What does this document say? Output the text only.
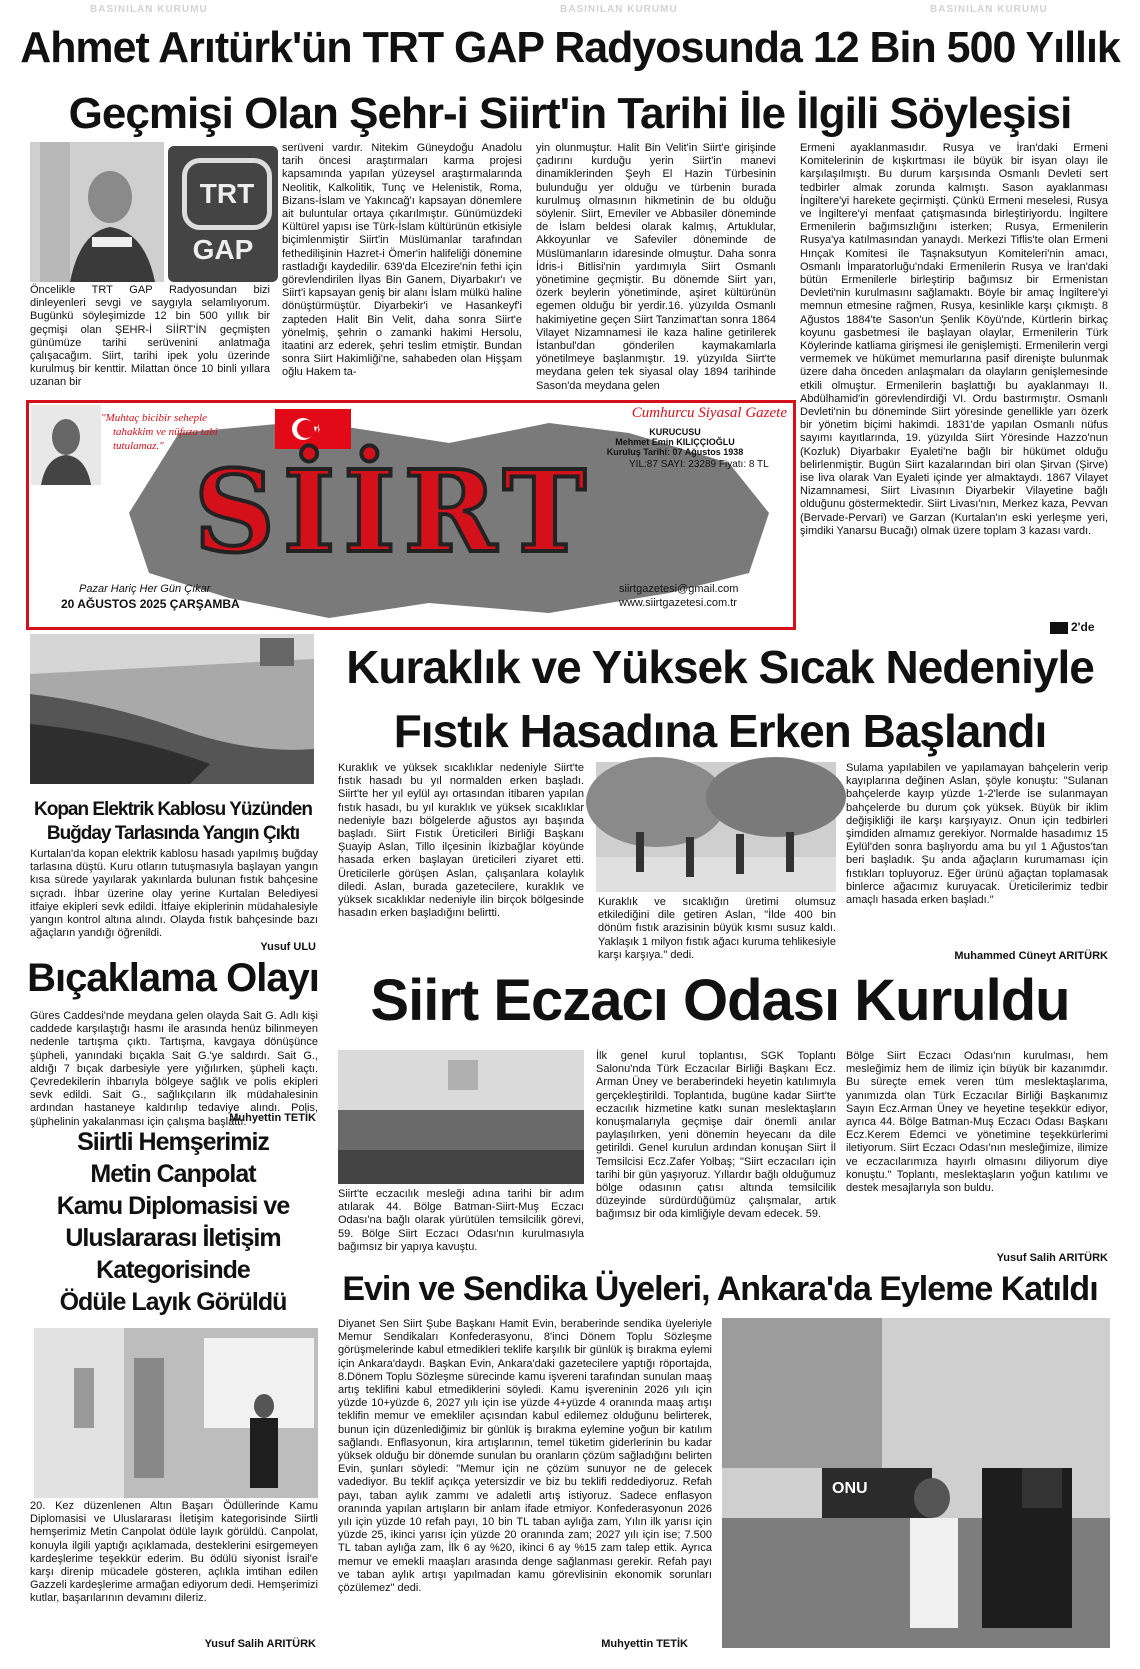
BASINILAN KURUMU	BASINILAN KURUMU	BASINILAN KURUMU
Ahmet Arıtürk'ün TRT GAP Radyosunda 12 Bin 500 Yıllık
Geçmişi Olan Şehr-i Siirt'in Tarihi İle İlgili Söyleşisi
TRT
GAP
Öncelikle TRT GAP Radyosundan bizi dinleyenleri sevgi ve saygıyla selamlıyorum. Bugünkü söyleşimizde 12 bin 500 yıllık bir geçmişi olan ŞEHR-İ SİİRT'İN geçmişten günümüze tarihi serüvenini anlatmağa çalışacağım. Siirt, tarihi ipek yolu üzerinde kurulmuş bir kenttir. Milattan önce 10 binli yıllara uzanan bir
serüveni vardır. Nitekim Güneydoğu Anadolu tarih öncesi araştırmaları karma projesi kapsamında yapılan yüzeysel araştırmalarında Neolitik, Kalkolitik, Tunç ve Helenistik, Roma, Bizans-İslam ve Yakıncağ'ı kapsayan dönemlere ait buluntular ortaya çıkarılmıştır. Günümüzdeki Kültürel yapısı ise Türk-İslam kültürünün etkisiyle biçimlenmiştir Siirt'in Müslümanlar tarafından fethedilişinin Hazret-i Ömer'in halifeliği dönemine rastladığı kaydedilir. 639'da Elcezire'nin fethi için görevlendirilen İlyas Bin Ganem, Diyarbakır'ı ve Siirt'i kapsayan geniş bir alanı İslam mülkü haline dönüştürmüştür. Diyarbekir'i ve Hasankeyf'i zapteden Halit Bin Velit, daha sonra Siirt'e yönelmiş, şehrin o zamanki hakimi Hersolu, itaatini arz ederek, şehri teslim etmiştir. Bundan sonra Siirt Hakimliği'ne, sahabeden olan Hişşam oğlu Hakem ta-
yin olunmuştur. Halit Bin Velit'in Siirt'e girişinde çadırını kurduğu yerin Siirt'in manevi dinamiklerinden Şeyh El Hazin Türbesinin bulunduğu yer olduğu ve türbenin burada kurulmuş olmasının hikmetinin de bu olduğu söylenir. Siirt, Emeviler ve Abbasiler döneminde de İslam beldesi olarak kalmış, Artuklular, Akkoyunlar ve Safeviler döneminde de Müslümanların idaresinde olmuştur. Daha sonra İdris-i Bitlisi'nin yardımıyla Siirt Osmanlı yönetimine geçmiştir. Bu dönemde Siirt yarı, özerk beylerin yönetiminde, aşiret kültürünün egemen olduğu bir yerdir.16. yüzyılda Osmanlı hakimiyetine geçen Siirt Tanzimat'tan sonra 1864 Vilayet Nizamnamesi ile kaza haline getirilerek İstanbul'dan gönderilen kaymakamlarla yönetilmeye başlanmıştır. 19. yüzyılda Siirt'te meydana gelen tek siyasal olay 1894 tarihinde Sason'da meydana gelen
Ermeni ayaklanmasıdır. Rusya ve İran'daki Ermeni Komitelerinin de kışkırtması ile büyük bir isyan olayı ile karşılaşılmıştı. Bu durum karşısında Osmanlı Devleti sert tedbirler almak zorunda kalmıştı. Sason ayaklanması İngiltere'yi harekete geçirmişti. Çünkü Ermeni meselesi, Rusya ve İngiltere'yi menfaat çatışmasında birleştiriyordu. İngiltere Ermenilerin bağımsızlığını isterken; Rusya, Ermenilerin Rusya'ya katılmasından yanaydı. Merkezi Tiflis'te olan Ermeni Hınçak Komitesi ile Taşnaksutyun Komiteleri'nin amacı, Osmanlı İmparatorluğu'ndaki Ermenilerin Rusya ve İran'daki bütün Ermenilerle birleştirip bağımsız bir Ermenistan Devleti'nin kurulmasını sağlamaktı. Böyle bir amaç İngiltere'yi memnun etmesine rağmen, Rusya, kesinlikle karşı çıkmıştı. 8 Ağustos 1884'te Sason'un Şenlik Köyü'nde, Kürtlerin birkaç koyunu gasbetmesi ile başlayan olaylar, Ermenilerin Türk Köylerinde katliama girişmesi ile genişlemişti. Ermenilerin vergi vermemek ve hükümet memurlarına pasif direnişte bulunmak üzere daha önceden anlaşmaları da olayların genişlemesinde etkili olmuştur. Ermenilerin başlattığı bu ayaklanmayı II. Abdülhamid'in görevlendirdiği VI. Ordu bastırmıştır. Osmanlı Devleti'nin bu döneminde Siirt yöresinde genellikle yarı özerk bir yönetim biçimi hakimdi. 1831'de yapılan Osmanlı nüfus sayımı kayıtlarında, 19. yüzyılda Siirt Yöresinde Hazzo'nun (Kozluk) Diyarbakır Eyaleti'ne bağlı bir hükümet olduğu belirlenmiştir. Bugün Siirt kazalarından biri olan Şirvan (Şirve) ise liva olarak Van Eyaleti içinde yer almaktaydı. 1867 Vilayet Nizamnamesi, Siirt Livasının Diyarbekir Vilayetine bağlı olduğunu göstermektedir. Siirt Livası'nın, Merkez kaza, Pevvan (Bervade-Pervari) ve Garzan (Kurtalan'ın eski yerleşme yeri, şimdiki Yanarsu Bucağı) olmak üzere toplam 3 kazası vardı.
"Muhtaç bicibir seheple
tahakkim ve nüfuza tabi tutulamaz."
SİİRT
Cumhurcu Siyasal Gazete
KURUCUSU
Mehmet Emin KILIÇÇIOĞLU
Kuruluş Tarihi: 07 Ağustos 1938
YIL:87 SAYI: 23289 Fiyatı: 8 TL
Pazar Hariç Her Gün Çıkar
20 AĞUSTOS 2025 ÇARŞAMBA
siirtgazetesi@gmail.com
www.siirtgazetesi.com.tr
2'de
Kopan Elektrik Kablosu Yüzünden
Buğday Tarlasında Yangın Çıktı
Kurtalan'da kopan elektrik kablosu hasadı yapılmış buğday tarlasına düştü. Kuru otların tutuşmasıyla başlayan yangın kısa sürede yayılarak yakınlarda bulunan fıstık bahçesine sıçradı. İhbar üzerine olay yerine Kurtalan Belediyesi itfaiye ekipleri sevk edildi. İtfaiye ekiplerinin müdahalesiyle yangın kontrol altına alındı. Olayda fıstık bahçesinde bazı ağaçların yandığı öğrenildi.
Yusuf ULU
Bıçaklama Olayı
Güres Caddesi'nde meydana gelen olayda Sait G. Adlı kişi caddede karşılaştığı hasmı ile arasında henüz bilinmeyen nedenle tartışma çıktı. Tartışma, kavgaya dönüşünce şüpheli, yanındaki bıçakla Sait G.'ye saldırdı. Sait G., aldığı 7 bıçak darbesiyle yere yığılırken, şüpheli kaçtı. Çevredekilerin ihbarıyla bölgeye sağlık ve polis ekipleri sevk edildi. Sait G., sağlıkçıların ilk müdahalesinin ardından hastaneye kaldırılıp tedaviye alındı. Polis, şüphelinin yakalanması için çalışma başlattı.
Muhyettin TETİK
Siirtli Hemşerimiz
Metin Canpolat
Kamu Diplomasisi ve
Uluslararası İletişim
Kategorisinde
Ödüle Layık Görüldü
20. Kez düzenlenen Altın Başarı Ödüllerinde Kamu Diplomasisi ve Uluslararası İletişim kategorisinde Siirtli hemşerimiz Metin Canpolat ödüle layık görüldü. Canpolat, konuyla ilgili yaptığı açıklamada, desteklerini esirgemeyen kardeşlerime teşekkür ederim. Bu ödülü siyonist İsrail'e karşı direnip mücadele gösteren, açlıkla imtihan edilen Gazzeli kardeşlerime armağan ediyorum dedi. Hemşerimizi kutlar, başarılarının devamını dileriz.
Yusuf Salih ARITÜRK
Kuraklık ve Yüksek Sıcak Nedeniyle
Fıstık Hasadına Erken Başlandı
Kuraklık ve yüksek sıcaklıklar nedeniyle Siirt'te fıstık hasadı bu yıl normalden erken başladı. Siirt'te her yıl eylül ayı ortasından itibaren yapılan fıstık hasadı, bu yıl kuraklık ve yüksek sıcaklıklar nedeniyle bazı bölgelerde ağustos ayı başında başladı. Siirt Fıstık Üreticileri Birliği Başkanı Şuayip Aslan, Tillo ilçesinin İkizbağlar köyünde hasada erken başlayan üreticileri ziyaret etti. Üreticilerle görüşen Aslan, çalışanlara kolaylık diledi. Aslan, burada gazetecilere, kuraklık ve yüksek sıcaklıklar nedeniyle ilin birçok bölgesinde hasadın erken başladığını belirtti.
Kuraklık ve sıcaklığın üretimi olumsuz etkilediğini dile getiren Aslan, "İlde 400 bin dönüm fıstık arazisinin büyük kısmı susuz kaldı. Yaklaşık 1 milyon fıstık ağacı kuruma tehlikesiyle karşı karşıya." dedi.
Sulama yapılabilen ve yapılamayan bahçelerin verip kayıplarına değinen Aslan, şöyle konuştu: "Sulanan bahçelerde kayıp yüzde 1-2'lerde ise sulanmayan bahçelerde bu durum çok yüksek. Büyük bir iklim değişikliği ile karşı karşıyayız. Onun için tedbirleri şimdiden almamız gerekiyor. Normalde hasadımız 15 Eylül'den sonra başlıyordu ama bu yıl 1 Ağustos'tan beri başladık. Şu anda ağaçların kurumaması için fıstıkları topluyoruz. Eğer ürünü ağaçtan toplamasak binlerce ağacımız kuruyacak. Üreticilerimiz tedbir amaçlı hasada erken başladı."
Muhammed Cüneyt ARITÜRK
Siirt Eczacı Odası Kuruldu
Siirt'te eczacılık mesleği adına tarihi bir adım atılarak 44. Bölge Batman-Siirt-Muş Eczacı Odası'na bağlı olarak yürütülen temsilcilik görevi, 59. Bölge Siirt Eczacı Odası'nın kurulmasıyla bağımsız bir yapıya kavuştu.
İlk genel kurul toplantısı, SGK Toplantı Salonu'nda Türk Eczacılar Birliği Başkanı Ecz. Arman Üney ve beraberindeki heyetin katılımıyla gerçekleştirildi. Toplantıda, bugüne kadar Siirt'te eczacılık hizmetine katkı sunan meslektaşların konuşmalarıyla geçmişe dair önemli anılar paylaşılırken, yeni dönemin heyecanı da dile getirildi. Genel kurulun ardından konuşan Siirt İl Temsilcisi Ecz.Zafer Yolbaş; "Siirt eczacıları için tarihi bir gün yaşıyoruz. Yıllardır bağlı olduğumuz bölge odasının çatısı altında temsilcilik düzeyinde sürdürdüğümüz çalışmalar, artık bağımsız bir oda kimliğiyle devam edecek. 59.
Bölge Siirt Eczacı Odası'nın kurulması, hem mesleğimiz hem de ilimiz için büyük bir kazanımdır. Bu süreçte emek veren tüm meslektaşlarıma, yanımızda olan Türk Eczacılar Birliği Başkanımız Sayın Ecz.Arman Üney ve heyetine teşekkür ediyor, ayrıca 44. Bölge Batman-Muş Eczacı Odası Başkanı Ecz.Kerem Edemci ve yönetimine teşekkürlerimi iletiyorum. Siirt Eczacı Odası'nın mesleğimize, ilimize ve eczacılarımıza hayırlı olmasını diliyorum diye konuştu." Toplantı, meslektaşların yoğun katılımı ve destek mesajlarıyla son buldu.
Yusuf Salih ARITÜRK
Evin ve Sendika Üyeleri, Ankara'da Eyleme Katıldı
Diyanet Sen Siirt Şube Başkanı Hamit Evin, beraberinde sendika üyeleriyle Memur Sendikaları Konfederasyonu, 8'inci Dönem Toplu Sözleşme görüşmelerinde kabul etmedikleri teklife karşılık bir günlük iş bırakma eylemi için Ankara'daydı. Başkan Evin, Ankara'daki gazetecilere yaptığı röportajda, 8.Dönem Toplu Sözleşme sürecinde kamu işvereni tarafından sunulan maaş artış teklifini kabul etmediklerini söyledi. Kamu işvereninin 2026 yılı için yüzde 10+yüzde 6, 2027 yılı için ise yüzde 4+yüzde 4 oranında maaş artışı teklifin memur ve emekliler açısından kabul edilemez olduğunu belirterek, bunun için düzenlediğimiz bir günlük iş bırakma eylemine yoğun bir katılım sağlandı. Enflasyonun, kira artışlarının, temel tüketim giderlerinin bu kadar yüksek olduğu bir dönemde sunulan bu oranların çözüm sağladığını belirten Evin, şunları söyledi: "Memur için ne çözüm sunuyor ne de gelecek vadediyor. Bu teklif açıkça yetersizdir ve biz bu teklifi reddediyoruz. Refah payı, taban aylık zammı ve adaletli artış istiyoruz. Sadece enflasyon oranında yapılan artışların bir anlam ifade etmiyor. Konfederasyonun 2026 yılı için yüzde 10 refah payı, 10 bin TL taban aylığa zam, Yılın ilk yarısı için yüzde 25, ikinci yarısı için yüzde 20 oranında zam; 2027 yılı için ise; 7.500 TL taban aylığa zam, İlk 6 ay %20, ikinci 6 ay %15 zam talep ettik. Ayrıca memur ve emekli maaşları arasında denge sağlanması gerekir. Refah payı ve taban aylık artışı yapılmadan kamu görevlisinin ekonomik sorunları çözülemez" dedi.
Muhyettin TETİK
ONU
